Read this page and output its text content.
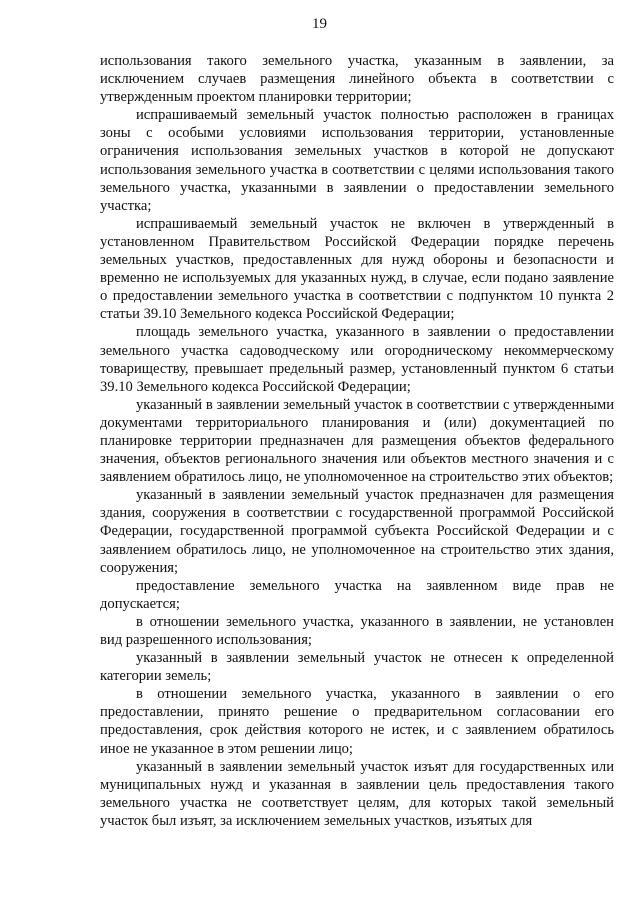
19

использования такого земельного участка, указанным в заявлении, за исключением случаев размещения линейного объекта в соответствии с утвержденным проектом планировки территории;

испрашиваемый земельный участок полностью расположен в границах зоны с особыми условиями использования территории, установленные ограничения использования земельных участков в которой не допускают использования земельного участка в соответствии с целями использования такого земельного участка, указанными в заявлении о предоставлении земельного участка;

испрашиваемый земельный участок не включен в утвержденный в установленном Правительством Российской Федерации порядке перечень земельных участков, предоставленных для нужд обороны и безопасности и временно не используемых для указанных нужд, в случае, если подано заявление о предоставлении земельного участка в соответствии с подпунктом 10 пункта 2 статьи 39.10 Земельного кодекса Российской Федерации;

площадь земельного участка, указанного в заявлении о предоставлении земельного участка садоводческому или огородническому некоммерческому товариществу, превышает предельный размер, установленный пунктом 6 статьи 39.10 Земельного кодекса Российской Федерации;

указанный в заявлении земельный участок в соответствии с утвержденными документами территориального планирования и (или) документацией по планировке территории предназначен для размещения объектов федерального значения, объектов регионального значения или объектов местного значения и с заявлением обратилось лицо, не уполномоченное на строительство этих объектов;

указанный в заявлении земельный участок предназначен для размещения здания, сооружения в соответствии с государственной программой Российской Федерации, государственной программой субъекта Российской Федерации и с заявлением обратилось лицо, не уполномоченное на строительство этих здания, сооружения;

предоставление земельного участка на заявленном виде прав не допускается;

в отношении земельного участка, указанного в заявлении, не установлен вид разрешенного использования;

указанный в заявлении земельный участок не отнесен к определенной категории земель;

в отношении земельного участка, указанного в заявлении о его предоставлении, принято решение о предварительном согласовании его предоставления, срок действия которого не истек, и с заявлением обратилось иное не указанное в этом решении лицо;

указанный в заявлении земельный участок изъят для государственных или муниципальных нужд и указанная в заявлении цель предоставления такого земельного участка не соответствует целям, для которых такой земельный участок был изъят, за исключением земельных участков, изъятых для
